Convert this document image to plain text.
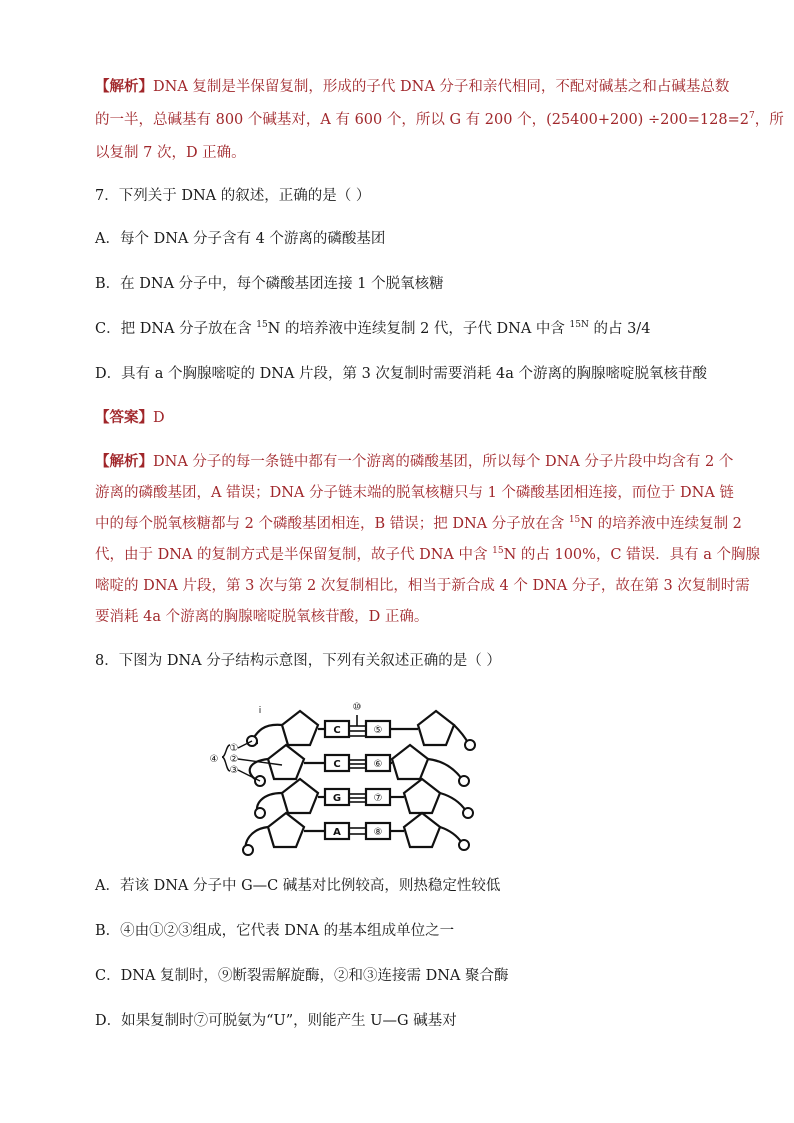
【解析】DNA 复制是半保留复制，形成的子代 DNA 分子和亲代相同，不配对碱基之和占碱基总数
的一半，总碱基有 800 个碱基对，A 有 600 个，所以 G 有 200 个，$(25400+200) \div 200=128=2^7$，所
以复制 7 次，D 正确。
7．下列关于 DNA 的叙述，正确的是（ ）
A．每个 DNA 分子含有 4 个游离的磷酸基团
B．在 DNA 分子中，每个磷酸基团连接 1 个脱氧核糖
C．把 DNA 分子放在含 $^{15}$N 的培养液中连续复制 2 代，子代 DNA 中含 $^{15N}$ 的占 3/4
D．具有 a 个胸腺嘧啶的 DNA 片段，第 3 次复制时需要消耗 4a 个游离的胸腺嘧啶脱氧核苷酸
【答案】D
【解析】DNA 分子的每一条链中都有一个游离的磷酸基团，所以每个 DNA 分子片段中均含有 2 个
游离的磷酸基团，A 错误；DNA 分子链末端的脱氧核糖只与 1 个磷酸基团相连接，而位于 DNA 链
中的每个脱氧核糖都与 2 个磷酸基团相连，B 错误；把 DNA 分子放在含 $^{15}$N 的培养液中连续复制 2
代，由于 DNA 的复制方式是半保留复制，故子代 DNA 中含 $^{15}$N 的占 100%，C 错误．具有 a 个胸腺
嘧啶的 DNA 片段，第 3 次与第 2 次复制相比，相当于新合成 4 个 DNA 分子，故在第 3 次复制时需
要消耗 4a 个游离的胸腺嘧啶脱氧核苷酸，D 正确。
8．下图为 DNA 分子结构示意图，下列有关叙述正确的是（ ）
⑩
⑤
①
②
③
④	⑥
⑦
⑧
C
C
G
A
i
A．若该 DNA 分子中 G—C 碱基对比例较高，则热稳定性较低
B．④由①②③组成，它代表 DNA 的基本组成单位之一
C．DNA 复制时，⑨断裂需解旋酶，②和③连接需 DNA 聚合酶
D．如果复制时⑦可脱氨为“U”，则能产生 U—G 碱基对
